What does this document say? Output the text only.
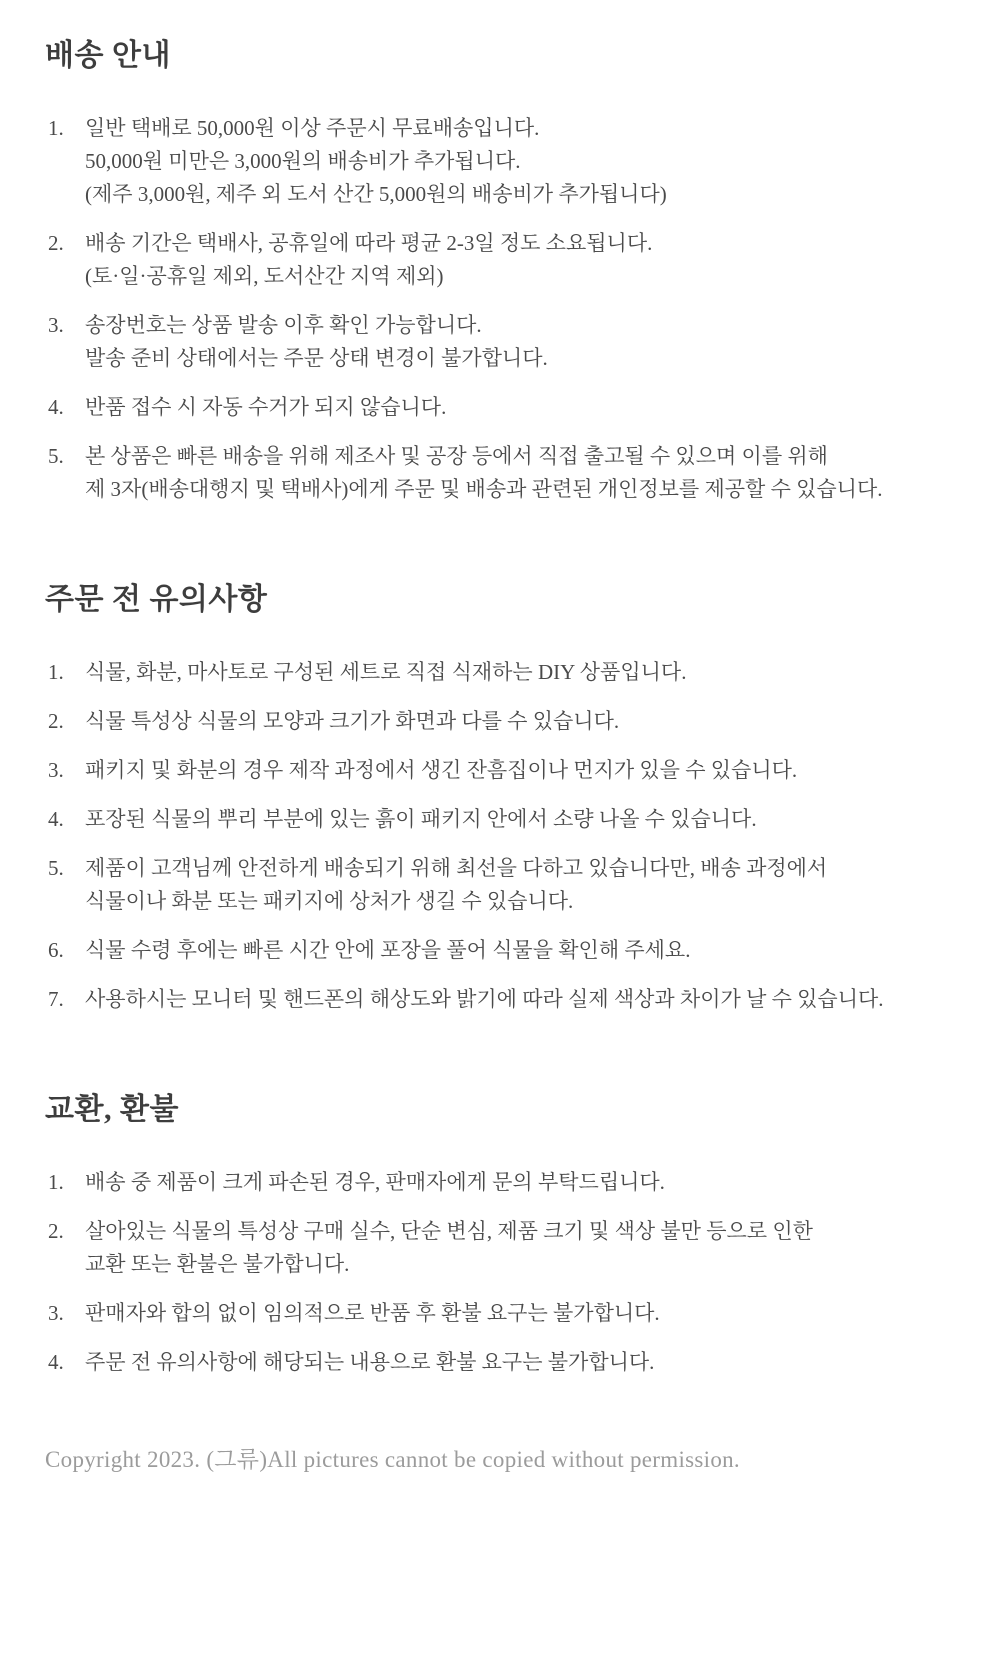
배송 안내
1.	일반 택배로 50,000원 이상 주문시 무료배송입니다.
50,000원 미만은 3,000원의 배송비가 추가됩니다.
(제주 3,000원, 제주 외 도서 산간 5,000원의 배송비가 추가됩니다)
2.	배송 기간은 택배사, 공휴일에 따라 평균 2-3일 정도 소요됩니다.
(토·일·공휴일 제외, 도서산간 지역 제외)
3.	송장번호는 상품 발송 이후 확인 가능합니다.
발송 준비 상태에서는 주문 상태 변경이 불가합니다.
4.	반품 접수 시 자동 수거가 되지 않습니다.
5.	본 상품은 빠른 배송을 위해 제조사 및 공장 등에서 직접 출고될 수 있으며 이를 위해
제 3자(배송대행지 및 택배사)에게 주문 및 배송과 관련된 개인정보를 제공할 수 있습니다.
주문 전 유의사항
1.	식물, 화분, 마사토로 구성된 세트로 직접 식재하는 DIY 상품입니다.
2.	식물 특성상 식물의 모양과 크기가 화면과 다를 수 있습니다.
3.	패키지 및 화분의 경우 제작 과정에서 생긴 잔흠집이나 먼지가 있을 수 있습니다.
4.	포장된 식물의 뿌리 부분에 있는 흙이 패키지 안에서 소량 나올 수 있습니다.
5.	제품이 고객님께 안전하게 배송되기 위해 최선을 다하고 있습니다만, 배송 과정에서
식물이나 화분 또는 패키지에 상처가 생길 수 있습니다.
6.	식물 수령 후에는 빠른 시간 안에 포장을 풀어 식물을 확인해 주세요.
7.	사용하시는 모니터 및 핸드폰의 해상도와 밝기에 따라 실제 색상과 차이가 날 수 있습니다.
교환, 환불
1.	배송 중 제품이 크게 파손된 경우, 판매자에게 문의 부탁드립니다.
2.	살아있는 식물의 특성상 구매 실수, 단순 변심, 제품 크기 및 색상 불만 등으로 인한
교환 또는 환불은 불가합니다.
3.	판매자와 합의 없이 임의적으로 반품 후 환불 요구는 불가합니다.
4.	주문 전 유의사항에 해당되는 내용으로 환불 요구는 불가합니다.
Copyright 2023. (그류)All pictures cannot be copied without permission.
